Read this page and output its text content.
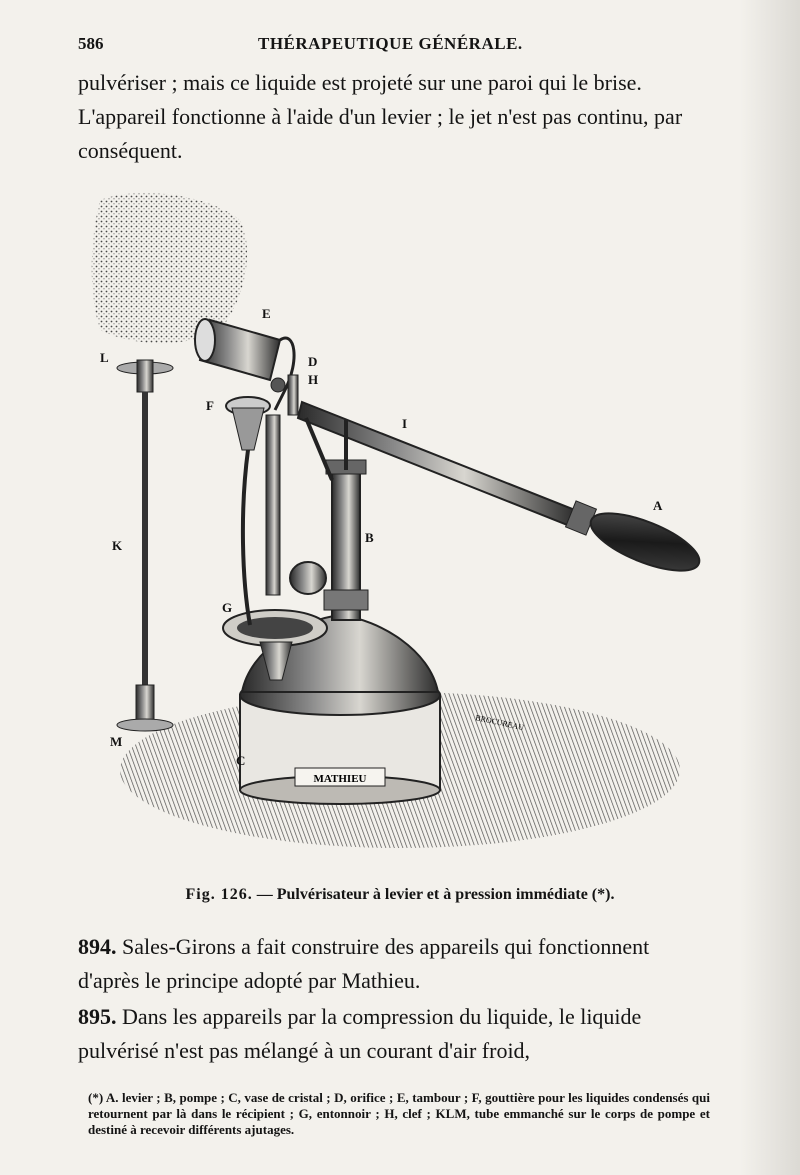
586	THÉRAPEUTIQUE GÉNÉRALE.
pulvériser ; mais ce liquide est projeté sur une paroi qui le brise. L'appareil fonctionne à l'aide d'un levier ; le jet n'est pas continu, par conséquent.
MATHIEU
E
D
H
L
F
I
A
B
K
G
M
C
BROCUREAU
Fig. 126. — Pulvérisateur à levier et à pression immédiate (*).
894. Sales-Girons a fait construire des appareils qui fonctionnent d'après le principe adopté par Mathieu.
895. Dans les appareils par la compression du liquide, le liquide pulvérisé n'est pas mélangé à un courant d'air froid,
(*) A. levier ; B, pompe ; C, vase de cristal ; D, orifice ; E, tambour ; F, gouttière pour les liquides condensés qui retournent par là dans le récipient ; G, entonnoir ; H, clef ; KLM, tube emmanché sur le corps de pompe et destiné à recevoir différents ajutages.
